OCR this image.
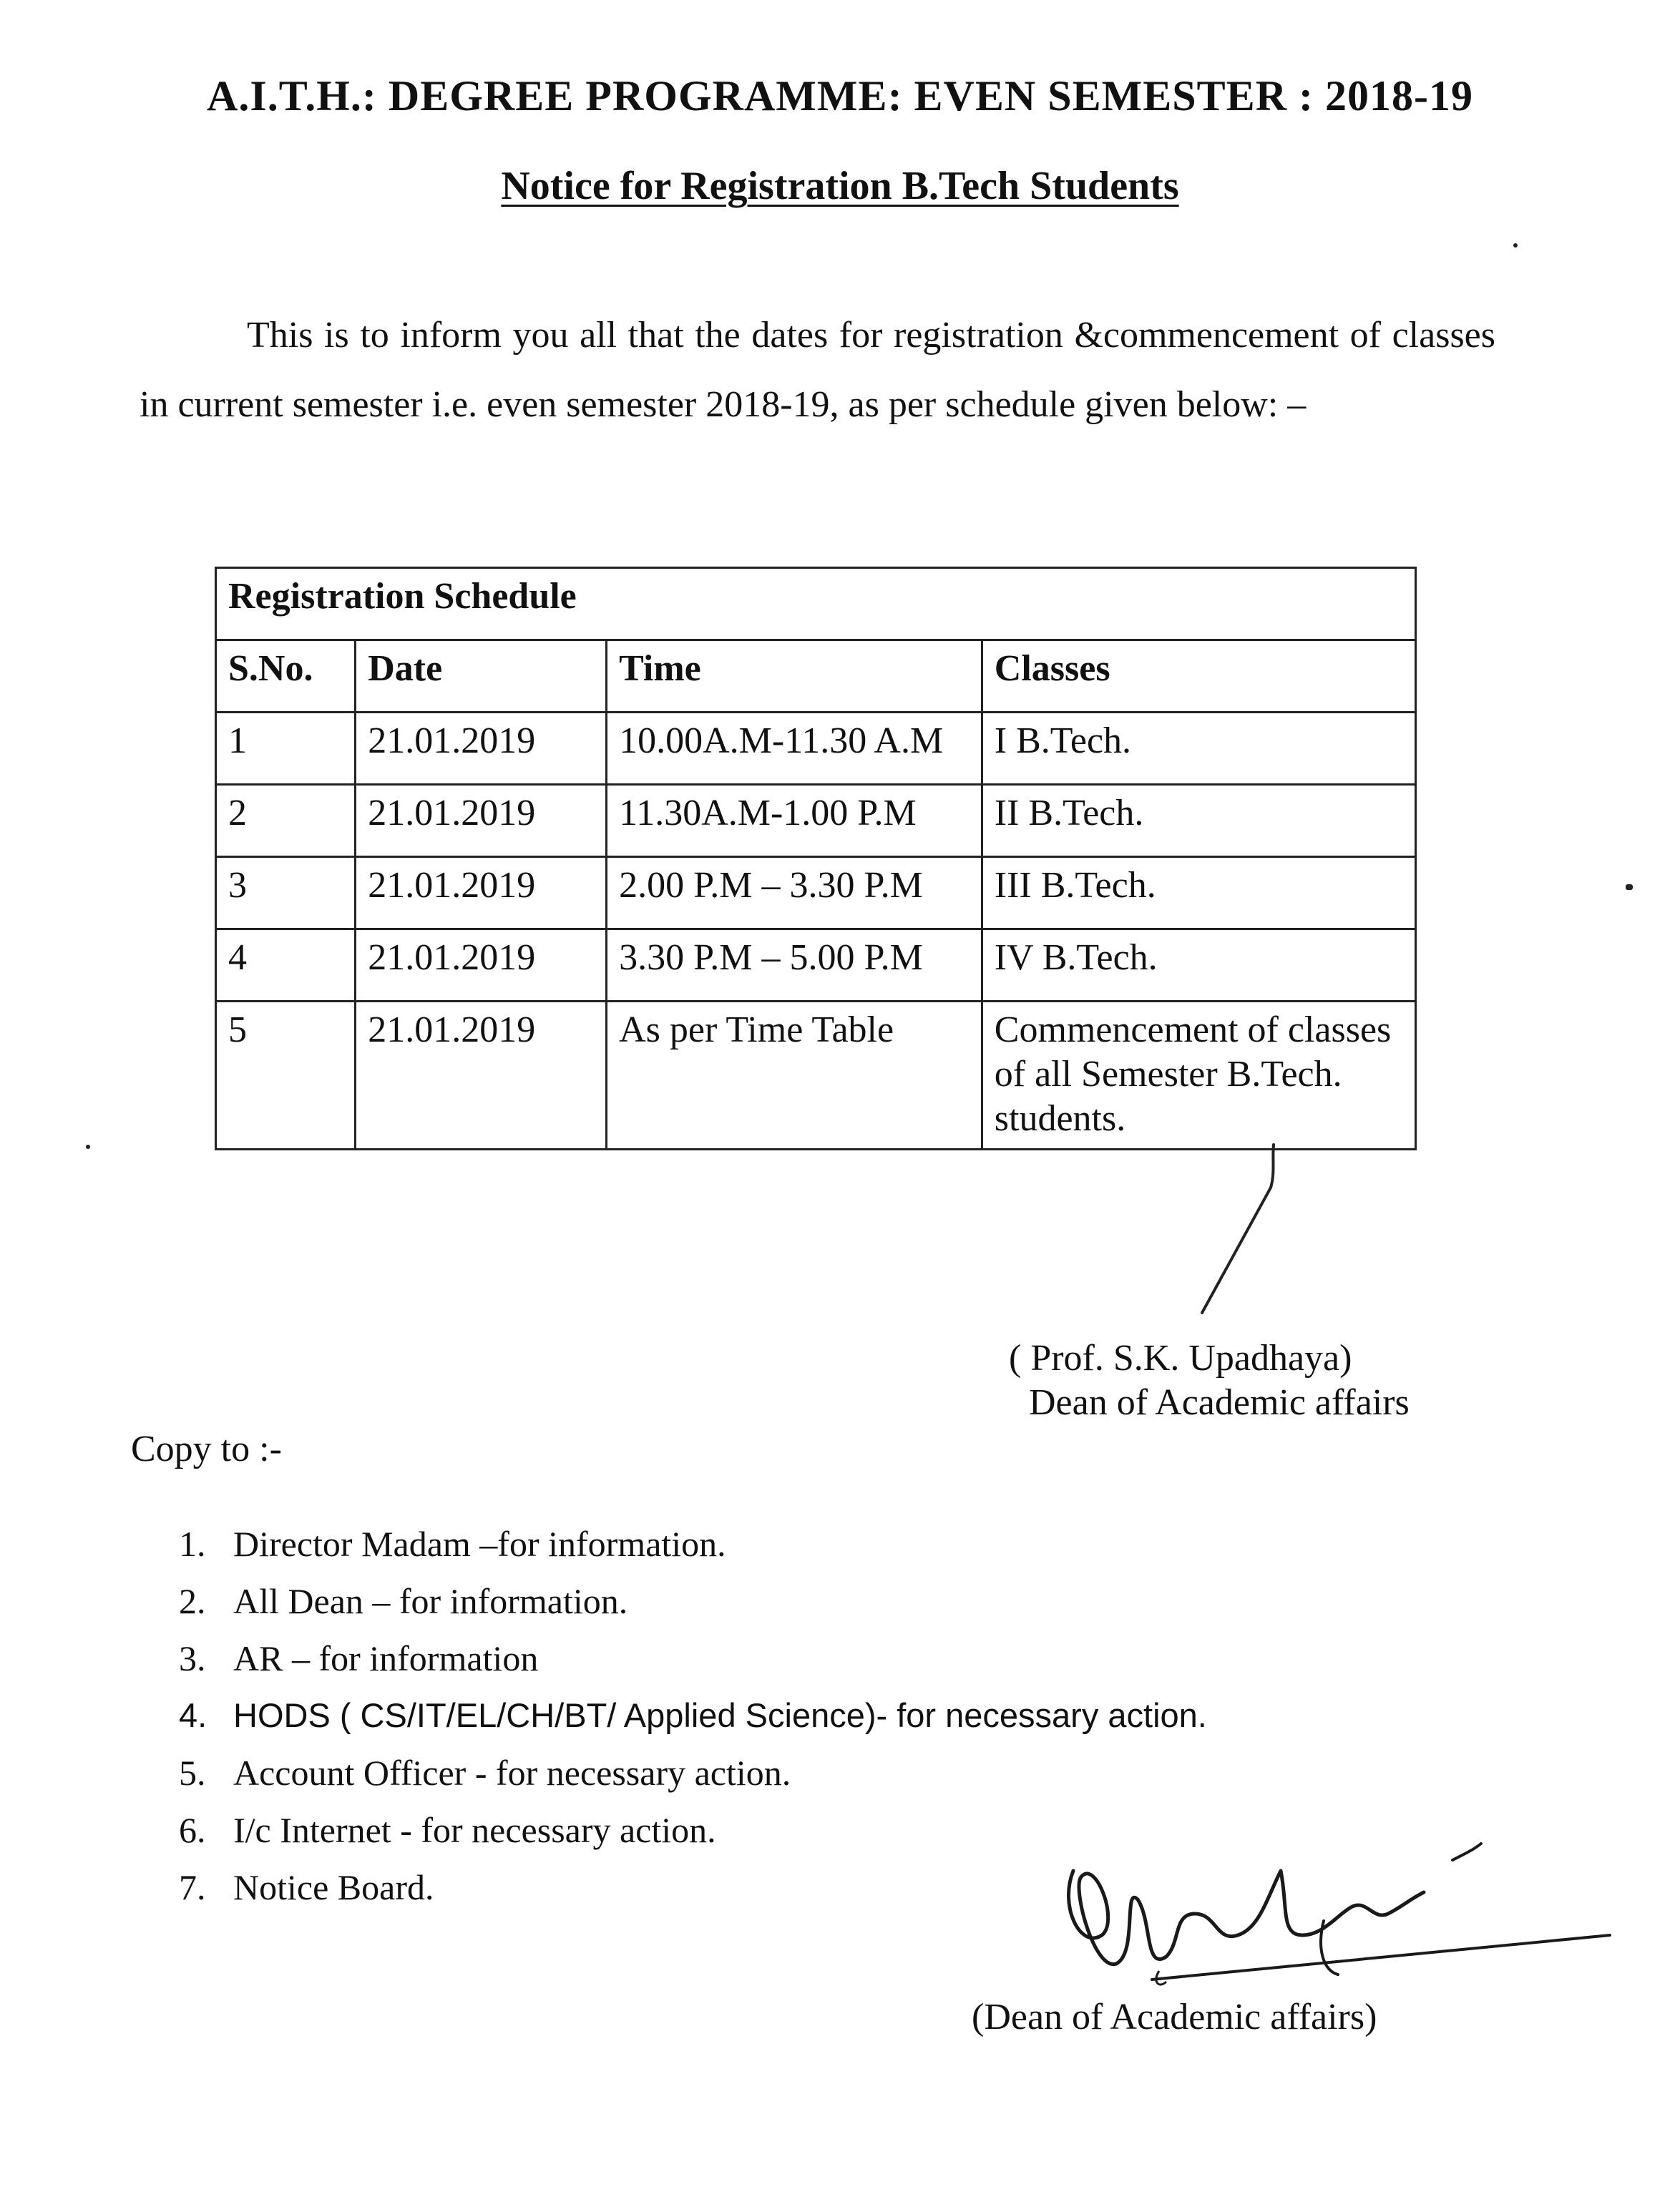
A.I.T.H.: DEGREE PROGRAMME: EVEN SEMESTER : 2018-19
Notice for Registration B.Tech Students
This is to inform you all that the dates for registration &commencement of classes in current semester i.e. even semester 2018-19, as per schedule given below: –
Registration Schedule			
S.No.	Date	Time	Classes
1	21.01.2019	10.00A.M-11.30 A.M	I B.Tech.
2	21.01.2019	11.30A.M-1.00 P.M	II B.Tech.
3	21.01.2019	2.00 P.M – 3.30 P.M	III B.Tech.
4	21.01.2019	3.30 P.M – 5.00 P.M	IV B.Tech.
5	21.01.2019	As per Time Table	Commencement of classes of all Semester B.Tech. students.
( Prof. S.K. Upadhaya)
Dean of Academic affairs
Copy to :-
1. Director Madam –for information.
2. All Dean – for information.
3. AR – for information
4. HODS ( CS/IT/EL/CH/BT/ Applied Science)- for necessary action.
5. Account Officer - for necessary action.
6. I/c Internet - for necessary action.
7. Notice Board.
(Dean of Academic affairs)
